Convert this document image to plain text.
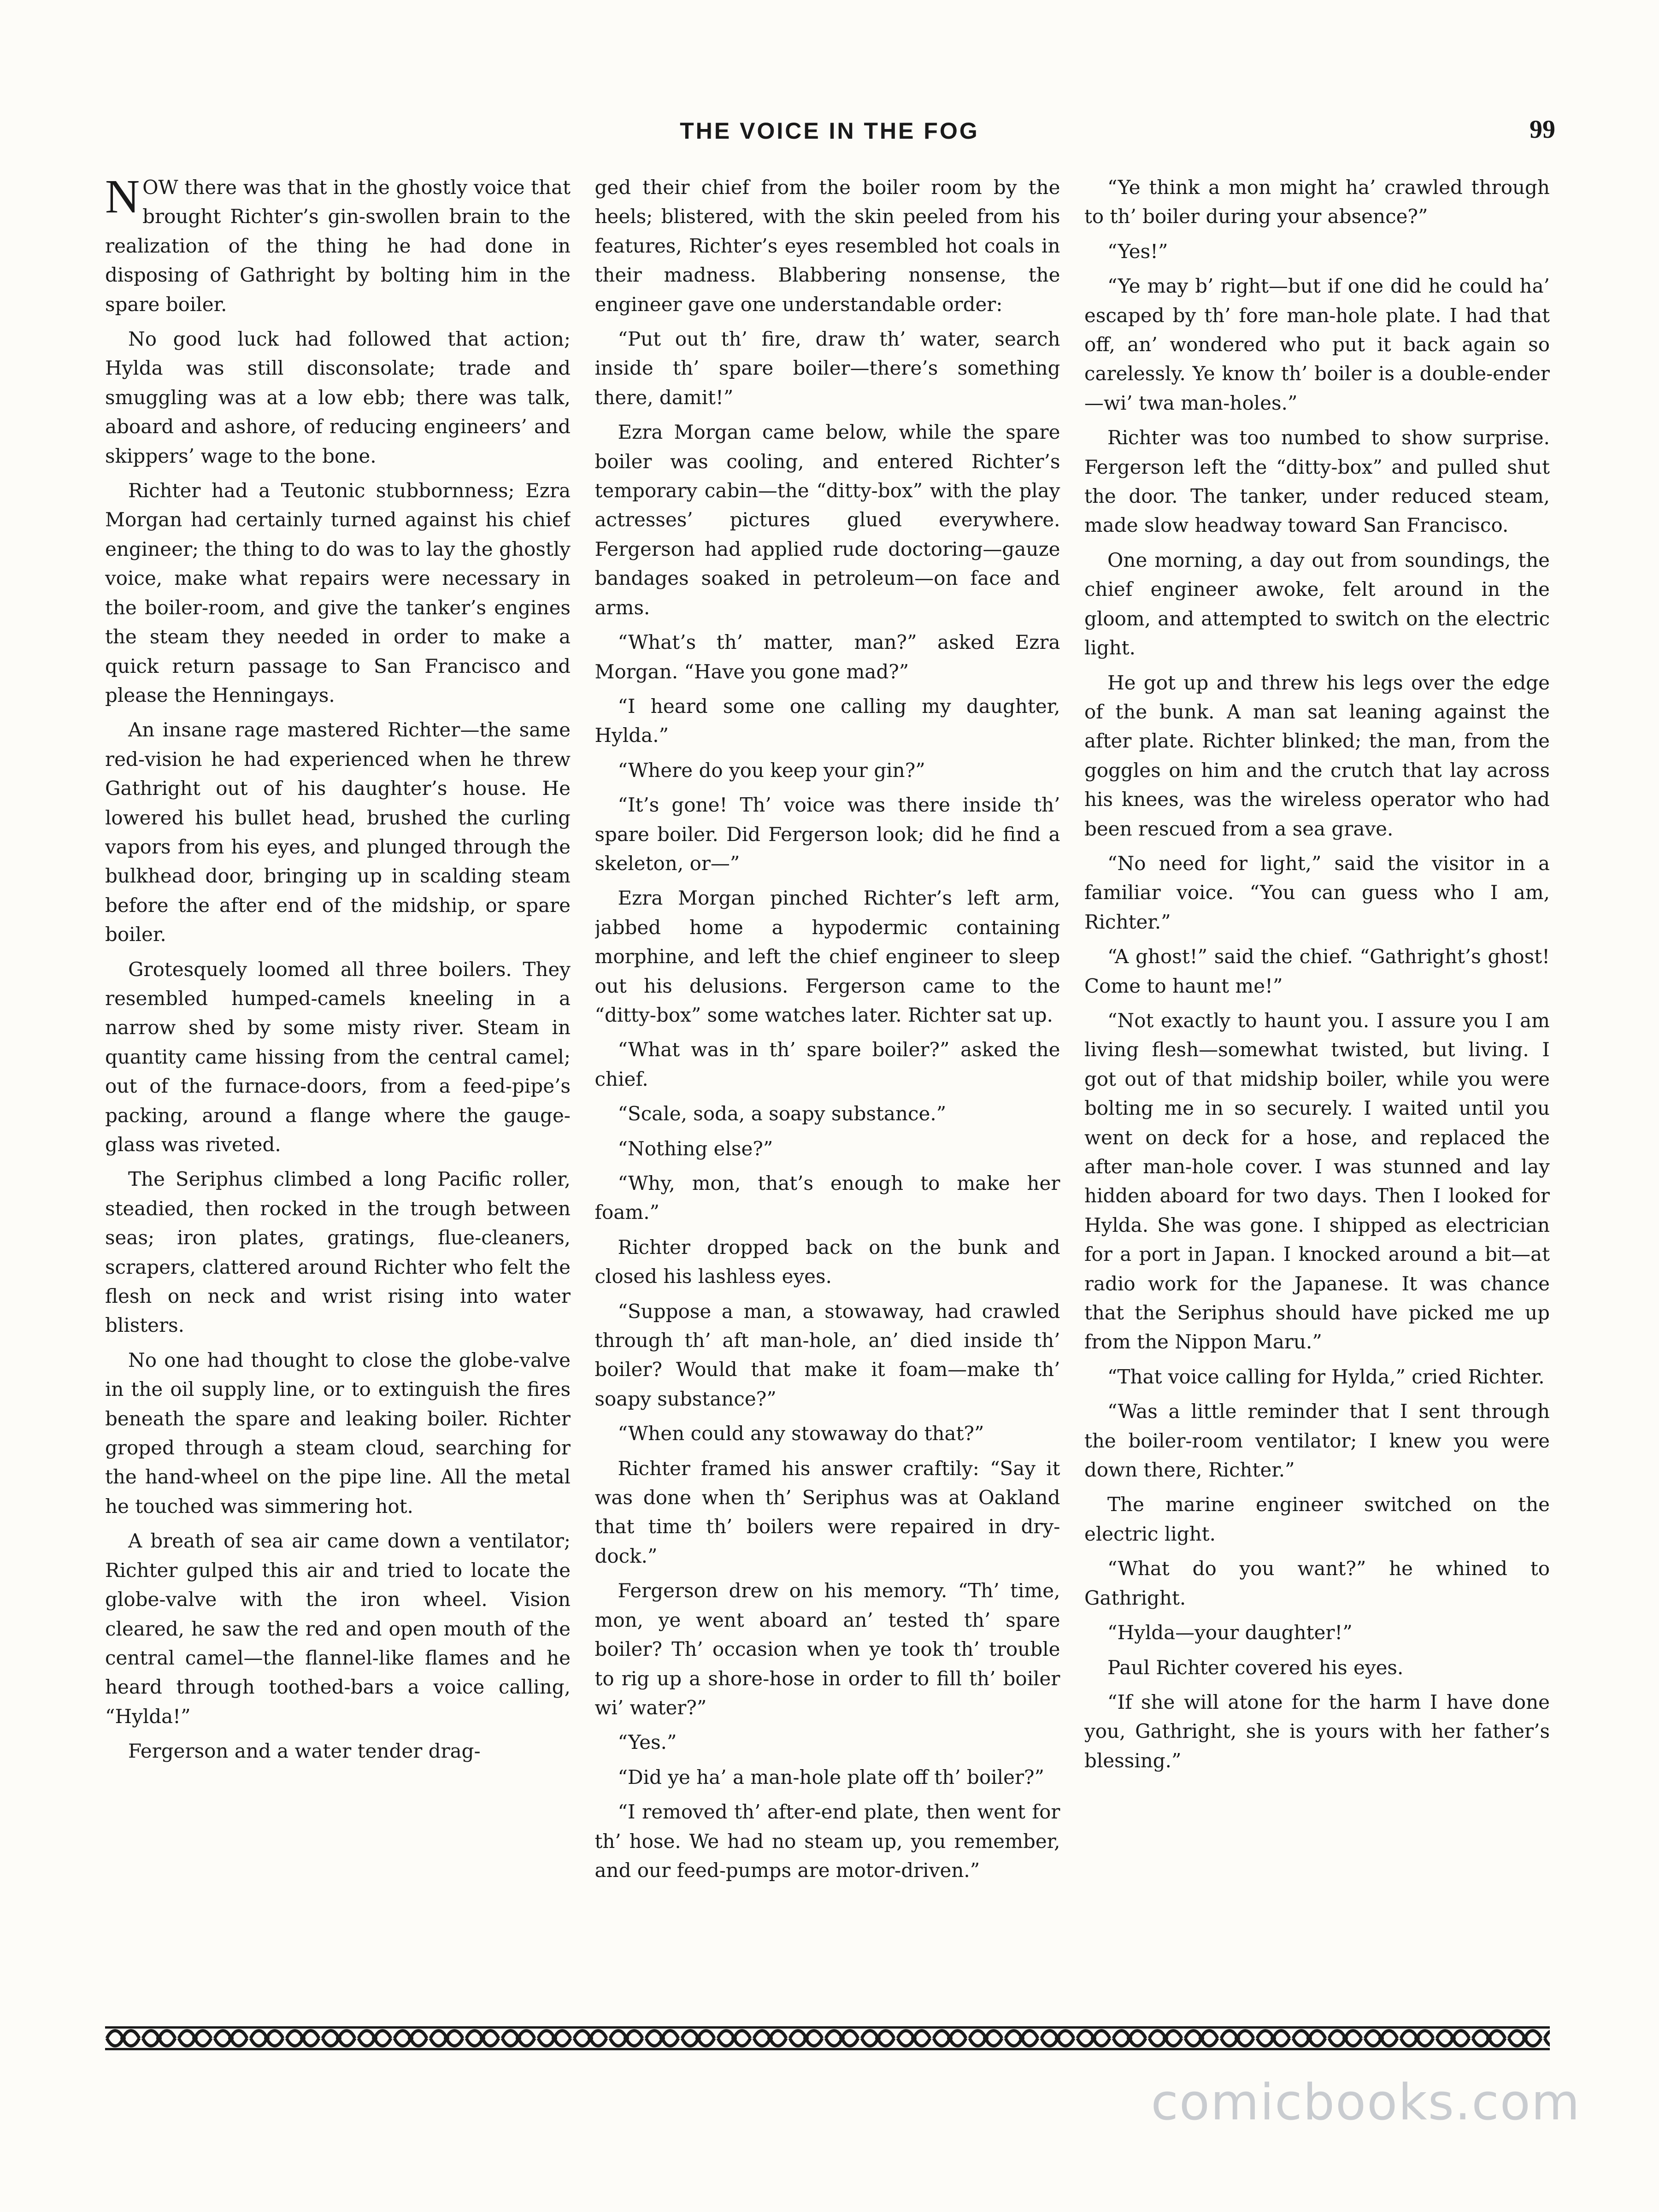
THE VOICE IN THE FOG	99

NOW there was that in the ghostly voice that brought Richter’s gin-swollen brain to the realization of the thing he had done in disposing of Gathright by bolting him in the spare boiler.

No good luck had followed that action; Hylda was still disconsolate; trade and smuggling was at a low ebb; there was talk, aboard and ashore, of reducing engineers’ and skippers’ wage to the bone.

Richter had a Teutonic stubbornness; Ezra Morgan had certainly turned against his chief engineer; the thing to do was to lay the ghostly voice, make what repairs were necessary in the boiler-room, and give the tanker’s engines the steam they needed in order to make a quick return passage to San Francisco and please the Henningays.

An insane rage mastered Richter—the same red-vision he had experienced when he threw Gathright out of his daughter’s house. He lowered his bullet head, brushed the curling vapors from his eyes, and plunged through the bulkhead door, bringing up in scalding steam before the after end of the midship, or spare boiler.

Grotesquely loomed all three boilers. They resembled humped-camels kneeling in a narrow shed by some misty river. Steam in quantity came hissing from the central camel; out of the furnace-doors, from a feed-pipe’s packing, around a flange where the gauge-glass was riveted.

The Seriphus climbed a long Pacific roller, steadied, then rocked in the trough between seas; iron plates, gratings, flue-cleaners, scrapers, clattered around Richter who felt the flesh on neck and wrist rising into water blisters.

No one had thought to close the globe-valve in the oil supply line, or to extinguish the fires beneath the spare and leaking boiler. Richter groped through a steam cloud, searching for the hand-wheel on the pipe line. All the metal he touched was simmering hot.

A breath of sea air came down a ventilator; Richter gulped this air and tried to locate the globe-valve with the iron wheel. Vision cleared, he saw the red and open mouth of the central camel—the flannel-like flames and he heard through toothed-bars a voice calling, “Hylda!”

Fergerson and a water tender drag-

ged their chief from the boiler room by the heels; blistered, with the skin peeled from his features, Richter’s eyes resembled hot coals in their madness. Blabbering nonsense, the engineer gave one understandable order:

“Put out th’ fire, draw th’ water, search inside th’ spare boiler—there’s something there, damit!”

Ezra Morgan came below, while the spare boiler was cooling, and entered Richter’s temporary cabin—the “ditty-box” with the play actresses’ pictures glued everywhere. Fergerson had applied rude doctoring—gauze bandages soaked in petroleum—on face and arms.

“What’s th’ matter, man?” asked Ezra Morgan. “Have you gone mad?”

“I heard some one calling my daughter, Hylda.”

“Where do you keep your gin?”

“It’s gone! Th’ voice was there inside th’ spare boiler. Did Fergerson look; did he find a skeleton, or—”

Ezra Morgan pinched Richter’s left arm, jabbed home a hypodermic containing morphine, and left the chief engineer to sleep out his delusions. Fergerson came to the “ditty-box” some watches later. Richter sat up.

“What was in th’ spare boiler?” asked the chief.

“Scale, soda, a soapy substance.”

“Nothing else?”

“Why, mon, that’s enough to make her foam.”

Richter dropped back on the bunk and closed his lashless eyes.

“Suppose a man, a stowaway, had crawled through th’ aft man-hole, an’ died inside th’ boiler? Would that make it foam—make th’ soapy substance?”

“When could any stowaway do that?”

Richter framed his answer craftily: “Say it was done when th’ Seriphus was at Oakland that time th’ boilers were repaired in dry-dock.”

Fergerson drew on his memory. “Th’ time, mon, ye went aboard an’ tested th’ spare boiler? Th’ occasion when ye took th’ trouble to rig up a shore-hose in order to fill th’ boiler wi’ water?”

“Yes.”

“Did ye ha’ a man-hole plate off th’ boiler?”

“I removed th’ after-end plate, then went for th’ hose. We had no steam up, you remember, and our feed-pumps are motor-driven.”

“Ye think a mon might ha’ crawled through to th’ boiler during your absence?”

“Yes!”

“Ye may b’ right—but if one did he could ha’ escaped by th’ fore man-hole plate. I had that off, an’ wondered who put it back again so carelessly. Ye know th’ boiler is a double-ender—wi’ twa man-holes.”

Richter was too numbed to show surprise. Fergerson left the “ditty-box” and pulled shut the door. The tanker, under reduced steam, made slow headway toward San Francisco.

One morning, a day out from soundings, the chief engineer awoke, felt around in the gloom, and attempted to switch on the electric light.

He got up and threw his legs over the edge of the bunk. A man sat leaning against the after plate. Richter blinked; the man, from the goggles on him and the crutch that lay across his knees, was the wireless operator who had been rescued from a sea grave.

“No need for light,” said the visitor in a familiar voice. “You can guess who I am, Richter.”

“A ghost!” said the chief. “Gathright’s ghost! Come to haunt me!”

“Not exactly to haunt you. I assure you I am living flesh—somewhat twisted, but living. I got out of that midship boiler, while you were bolting me in so securely. I waited until you went on deck for a hose, and replaced the after man-hole cover. I was stunned and lay hidden aboard for two days. Then I looked for Hylda. She was gone. I shipped as electrician for a port in Japan. I knocked around a bit—at radio work for the Japanese. It was chance that the Seriphus should have picked me up from the Nippon Maru.”

“That voice calling for Hylda,” cried Richter.

“Was a little reminder that I sent through the boiler-room ventilator; I knew you were down there, Richter.”

The marine engineer switched on the electric light.

“What do you want?” he whined to Gathright.

“Hylda—your daughter!”

Paul Richter covered his eyes.

“If she will atone for the harm I have done you, Gathright, she is yours with her father’s blessing.”

comicbooks.com
